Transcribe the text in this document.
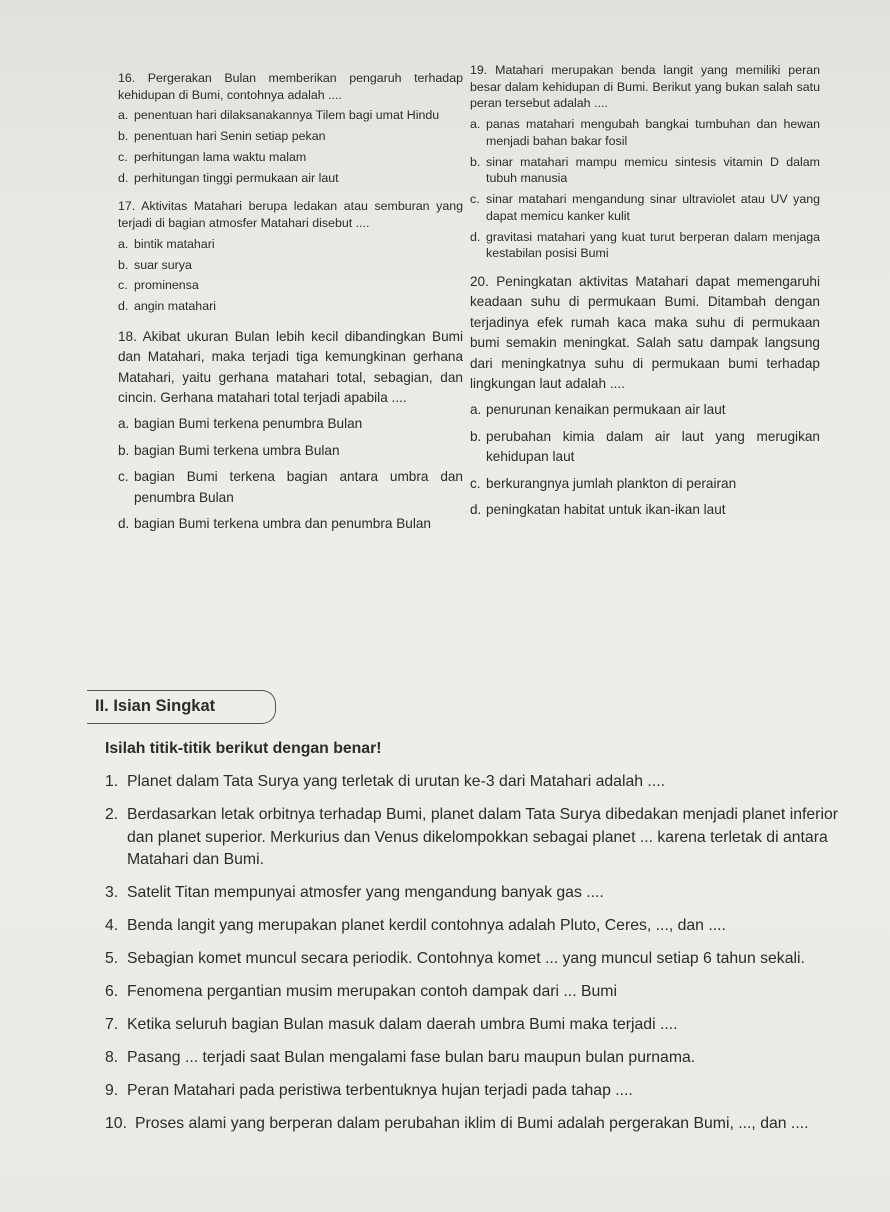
16. Pergerakan Bulan memberikan pengaruh terhadap kehidupan di Bumi, contohnya adalah ....
a. penentuan hari dilaksanakannya Tilem bagi umat Hindu
b. penentuan hari Senin setiap pekan
c. perhitungan lama waktu malam
d. perhitungan tinggi permukaan air laut
17. Aktivitas Matahari berupa ledakan atau semburan yang terjadi di bagian atmosfer Matahari disebut ....
a. bintik matahari
b. suar surya
c. prominensa
d. angin matahari
18. Akibat ukuran Bulan lebih kecil dibandingkan Bumi dan Matahari, maka terjadi tiga kemungkinan gerhana Matahari, yaitu gerhana matahari total, sebagian, dan cincin. Gerhana matahari total terjadi apabila ....
a. bagian Bumi terkena penumbra Bulan
b. bagian Bumi terkena umbra Bulan
c. bagian Bumi terkena bagian antara umbra dan penumbra Bulan
d. bagian Bumi terkena umbra dan penumbra Bulan
19. Matahari merupakan benda langit yang memiliki peran besar dalam kehidupan di Bumi. Berikut yang bukan salah satu peran tersebut adalah ....
a. panas matahari mengubah bangkai tumbuhan dan hewan menjadi bahan bakar fosil
b. sinar matahari mampu memicu sintesis vitamin D dalam tubuh manusia
c. sinar matahari mengandung sinar ultraviolet atau UV yang dapat memicu kanker kulit
d. gravitasi matahari yang kuat turut berperan dalam menjaga kestabilan posisi Bumi
20. Peningkatan aktivitas Matahari dapat memengaruhi keadaan suhu di permukaan Bumi. Ditambah dengan terjadinya efek rumah kaca maka suhu di permukaan bumi semakin meningkat. Salah satu dampak langsung dari meningkatnya suhu di permukaan bumi terhadap lingkungan laut adalah ....
a. penurunan kenaikan permukaan air laut
b. perubahan kimia dalam air laut yang merugikan kehidupan laut
c. berkurangnya jumlah plankton di perairan
d. peningkatan habitat untuk ikan-ikan laut
II. Isian Singkat
Isilah titik-titik berikut dengan benar!
1. Planet dalam Tata Surya yang terletak di urutan ke-3 dari Matahari adalah ....
2. Berdasarkan letak orbitnya terhadap Bumi, planet dalam Tata Surya dibedakan menjadi planet inferior dan planet superior. Merkurius dan Venus dikelompokkan sebagai planet ... karena terletak di antara Matahari dan Bumi.
3. Satelit Titan mempunyai atmosfer yang mengandung banyak gas ....
4. Benda langit yang merupakan planet kerdil contohnya adalah Pluto, Ceres, ..., dan ....
5. Sebagian komet muncul secara periodik. Contohnya komet ... yang muncul setiap 6 tahun sekali.
6. Fenomena pergantian musim merupakan contoh dampak dari ... Bumi
7. Ketika seluruh bagian Bulan masuk dalam daerah umbra Bumi maka terjadi ....
8. Pasang ... terjadi saat Bulan mengalami fase bulan baru maupun bulan purnama.
9. Peran Matahari pada peristiwa terbentuknya hujan terjadi pada tahap ....
10. Proses alami yang berperan dalam perubahan iklim di Bumi adalah pergerakan Bumi, ..., dan ....
